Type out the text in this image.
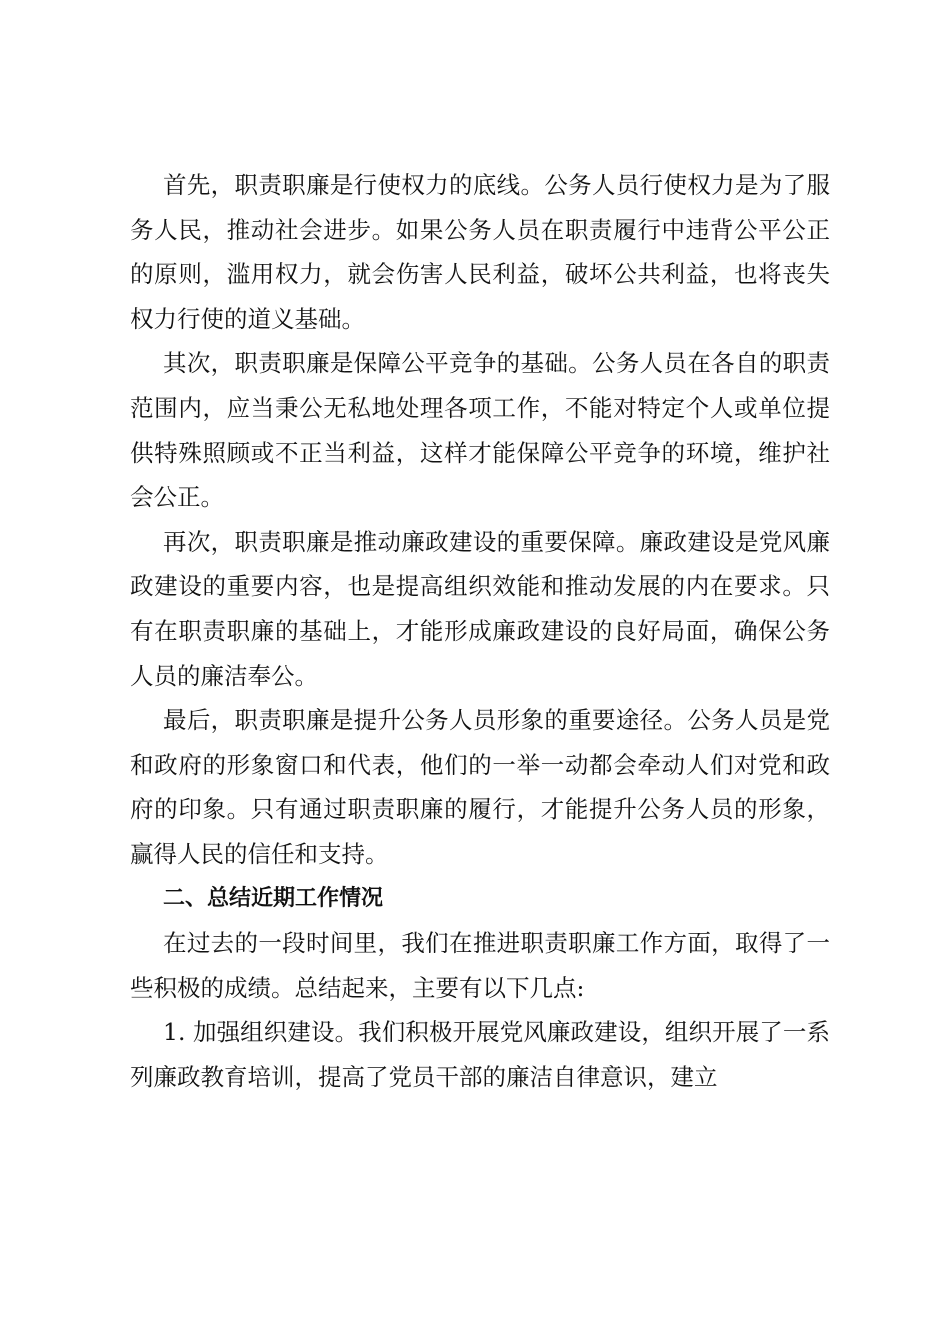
首先，职责职廉是行使权力的底线。公务人员行使权力是为了服务人民，推动社会进步。如果公务人员在职责履行中违背公平公正的原则，滥用权力，就会伤害人民利益，破坏公共利益，也将丧失权力行使的道义基础。

其次，职责职廉是保障公平竞争的基础。公务人员在各自的职责范围内，应当秉公无私地处理各项工作，不能对特定个人或单位提供特殊照顾或不正当利益，这样才能保障公平竞争的环境，维护社会公正。

再次，职责职廉是推动廉政建设的重要保障。廉政建设是党风廉政建设的重要内容，也是提高组织效能和推动发展的内在要求。只有在职责职廉的基础上，才能形成廉政建设的良好局面，确保公务人员的廉洁奉公。

最后，职责职廉是提升公务人员形象的重要途径。公务人员是党和政府的形象窗口和代表，他们的一举一动都会牵动人们对党和政府的印象。只有通过职责职廉的履行，才能提升公务人员的形象，赢得人民的信任和支持。

二、总结近期工作情况

在过去的一段时间里，我们在推进职责职廉工作方面，取得了一些积极的成绩。总结起来，主要有以下几点:

1. 加强组织建设。我们积极开展党风廉政建设，组织开展了一系列廉政教育培训，提高了党员干部的廉洁自律意识，建立
